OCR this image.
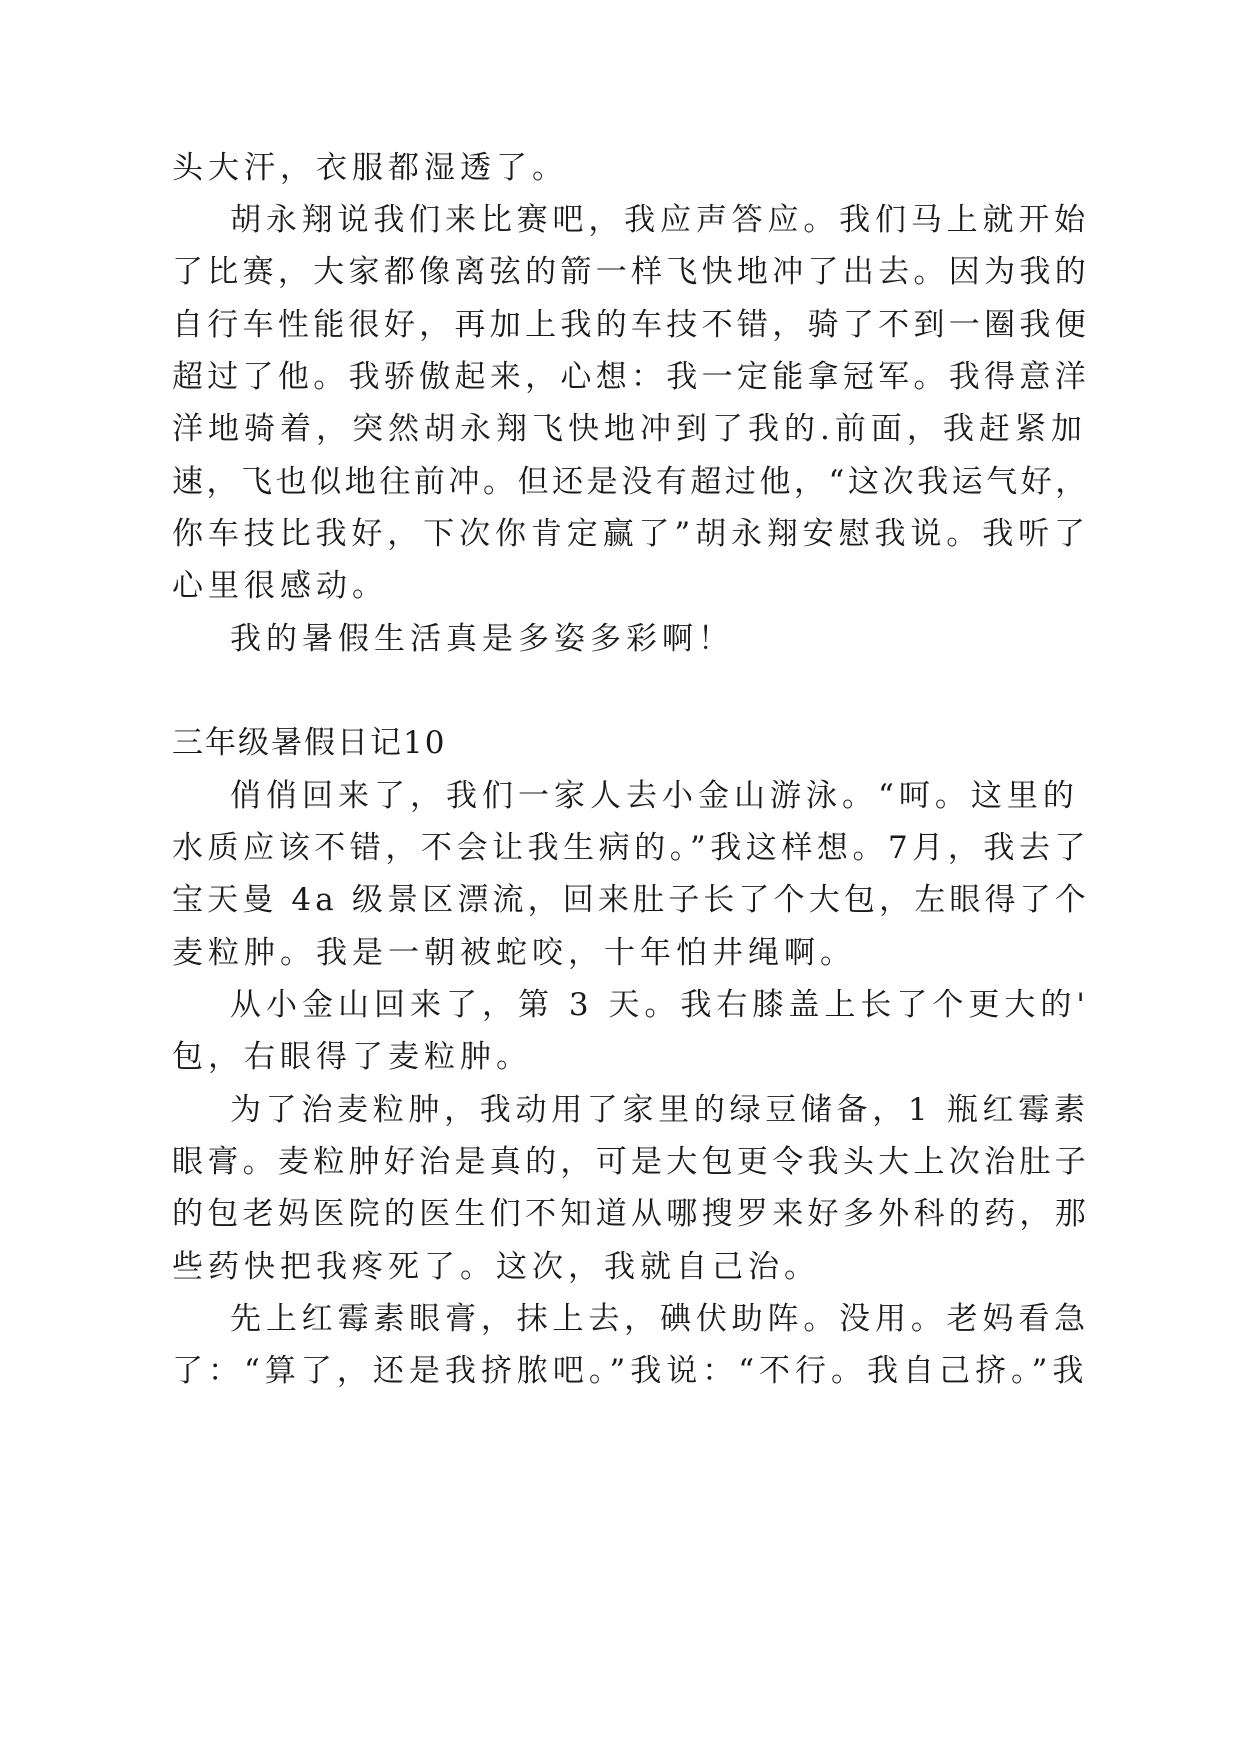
头大汗，衣服都湿透了。

胡永翔说我们来比赛吧，我应声答应。我们马上就开始

了比赛，大家都像离弦的箭一样飞快地冲了出去。因为我的

自行车性能很好，再加上我的车技不错，骑了不到一圈我便

超过了他。我骄傲起来，心想：我一定能拿冠军。我得意洋

洋地骑着，突然胡永翔飞快地冲到了我的.前面，我赶紧加

速，飞也似地往前冲。但还是没有超过他，“这次我运气好，

你车技比我好，下次你肯定赢了”胡永翔安慰我说。我听了

心里很感动。

我的暑假生活真是多姿多彩啊！

三年级暑假日记10

俏俏回来了，我们一家人去小金山游泳。“呵。这里的

水质应该不错，不会让我生病的。”我这样想。7月，我去了

宝天曼 4a 级景区漂流，回来肚子长了个大包，左眼得了个

麦粒肿。我是一朝被蛇咬，十年怕井绳啊。

从小金山回来了，第 3 天。我右膝盖上长了个更大的'

包，右眼得了麦粒肿。

为了治麦粒肿，我动用了家里的绿豆储备，1 瓶红霉素

眼膏。麦粒肿好治是真的，可是大包更令我头大上次治肚子

的包老妈医院的医生们不知道从哪搜罗来好多外科的药，那

些药快把我疼死了。这次，我就自己治。

先上红霉素眼膏，抹上去，碘伏助阵。没用。老妈看急

了：“算了，还是我挤脓吧。”我说：“不行。我自己挤。”我
